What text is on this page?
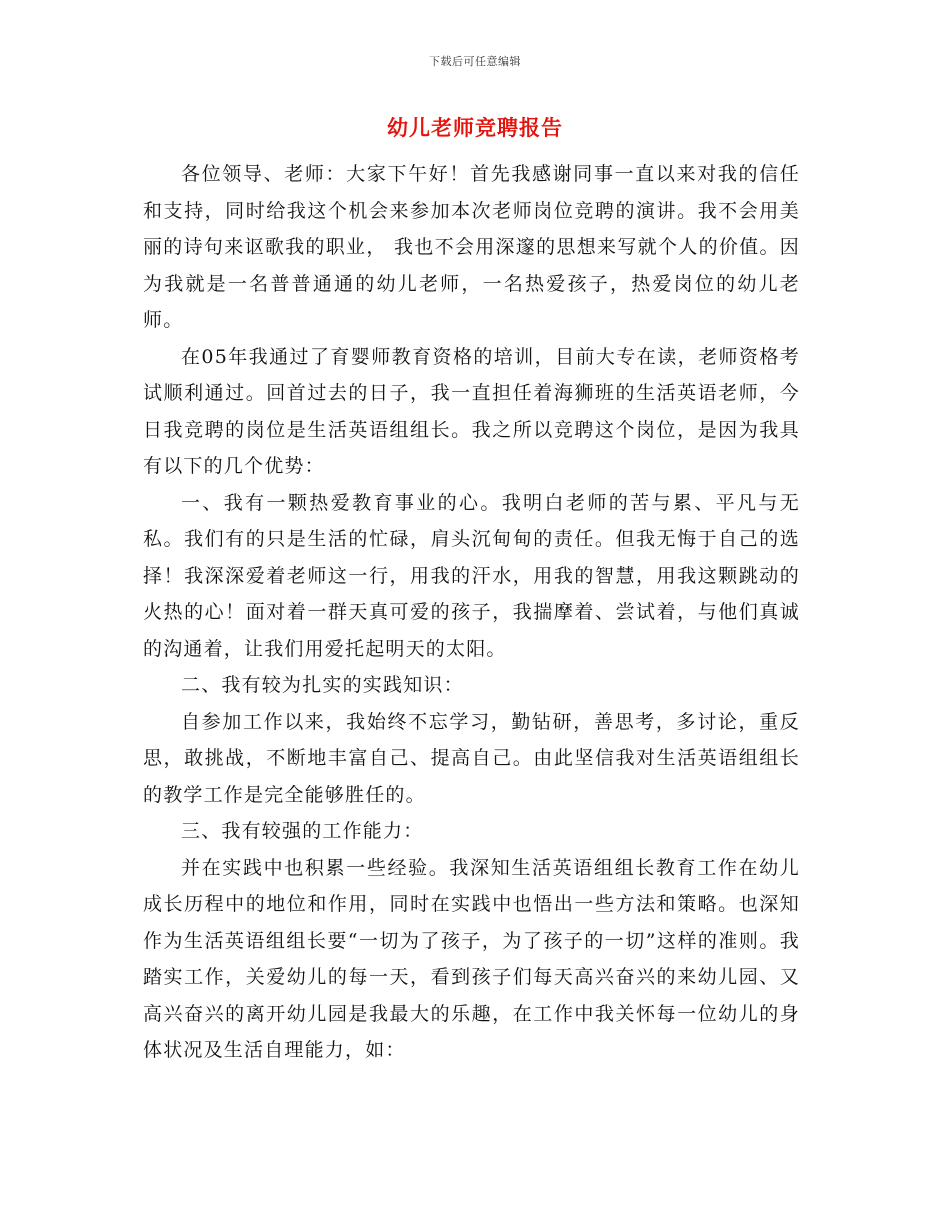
下载后可任意编辑
幼儿老师竞聘报告

各位领导、老师：大家下午好！首先我感谢同事一直以来对我的信任和支持，同时给我这个机会来参加本次老师岗位竞聘的演讲。我不会用美丽的诗句来讴歌我的职业， 我也不会用深邃的思想来写就个人的价值。因为我就是一名普普通通的幼儿老师，一名热爱孩子，热爱岗位的幼儿老师。

在05年我通过了育婴师教育资格的培训，目前大专在读，老师资格考试顺利通过。回首过去的日子，我一直担任着海狮班的生活英语老师，今日我竞聘的岗位是生活英语组组长。我之所以竞聘这个岗位，是因为我具有以下的几个优势：

一、我有一颗热爱教育事业的心。我明白老师的苦与累、平凡与无私。我们有的只是生活的忙碌，肩头沉甸甸的责任。但我无悔于自己的选择！我深深爱着老师这一行，用我的汗水，用我的智慧，用我这颗跳动的火热的心！面对着一群天真可爱的孩子，我揣摩着、尝试着，与他们真诚的沟通着，让我们用爱托起明天的太阳。

二、我有较为扎实的实践知识：

自参加工作以来，我始终不忘学习，勤钻研，善思考，多讨论，重反思，敢挑战，不断地丰富自己、提高自己。由此坚信我对生活英语组组长的教学工作是完全能够胜任的。

三、我有较强的工作能力：

并在实践中也积累一些经验。我深知生活英语组组长教育工作在幼儿成长历程中的地位和作用，同时在实践中也悟出一些方法和策略。也深知作为生活英语组组长要“一切为了孩子，为了孩子的一切”这样的准则。我踏实工作，关爱幼儿的每一天，看到孩子们每天高兴奋兴的来幼儿园、又高兴奋兴的离开幼儿园是我最大的乐趣，在工作中我关怀每一位幼儿的身体状况及生活自理能力，如：
